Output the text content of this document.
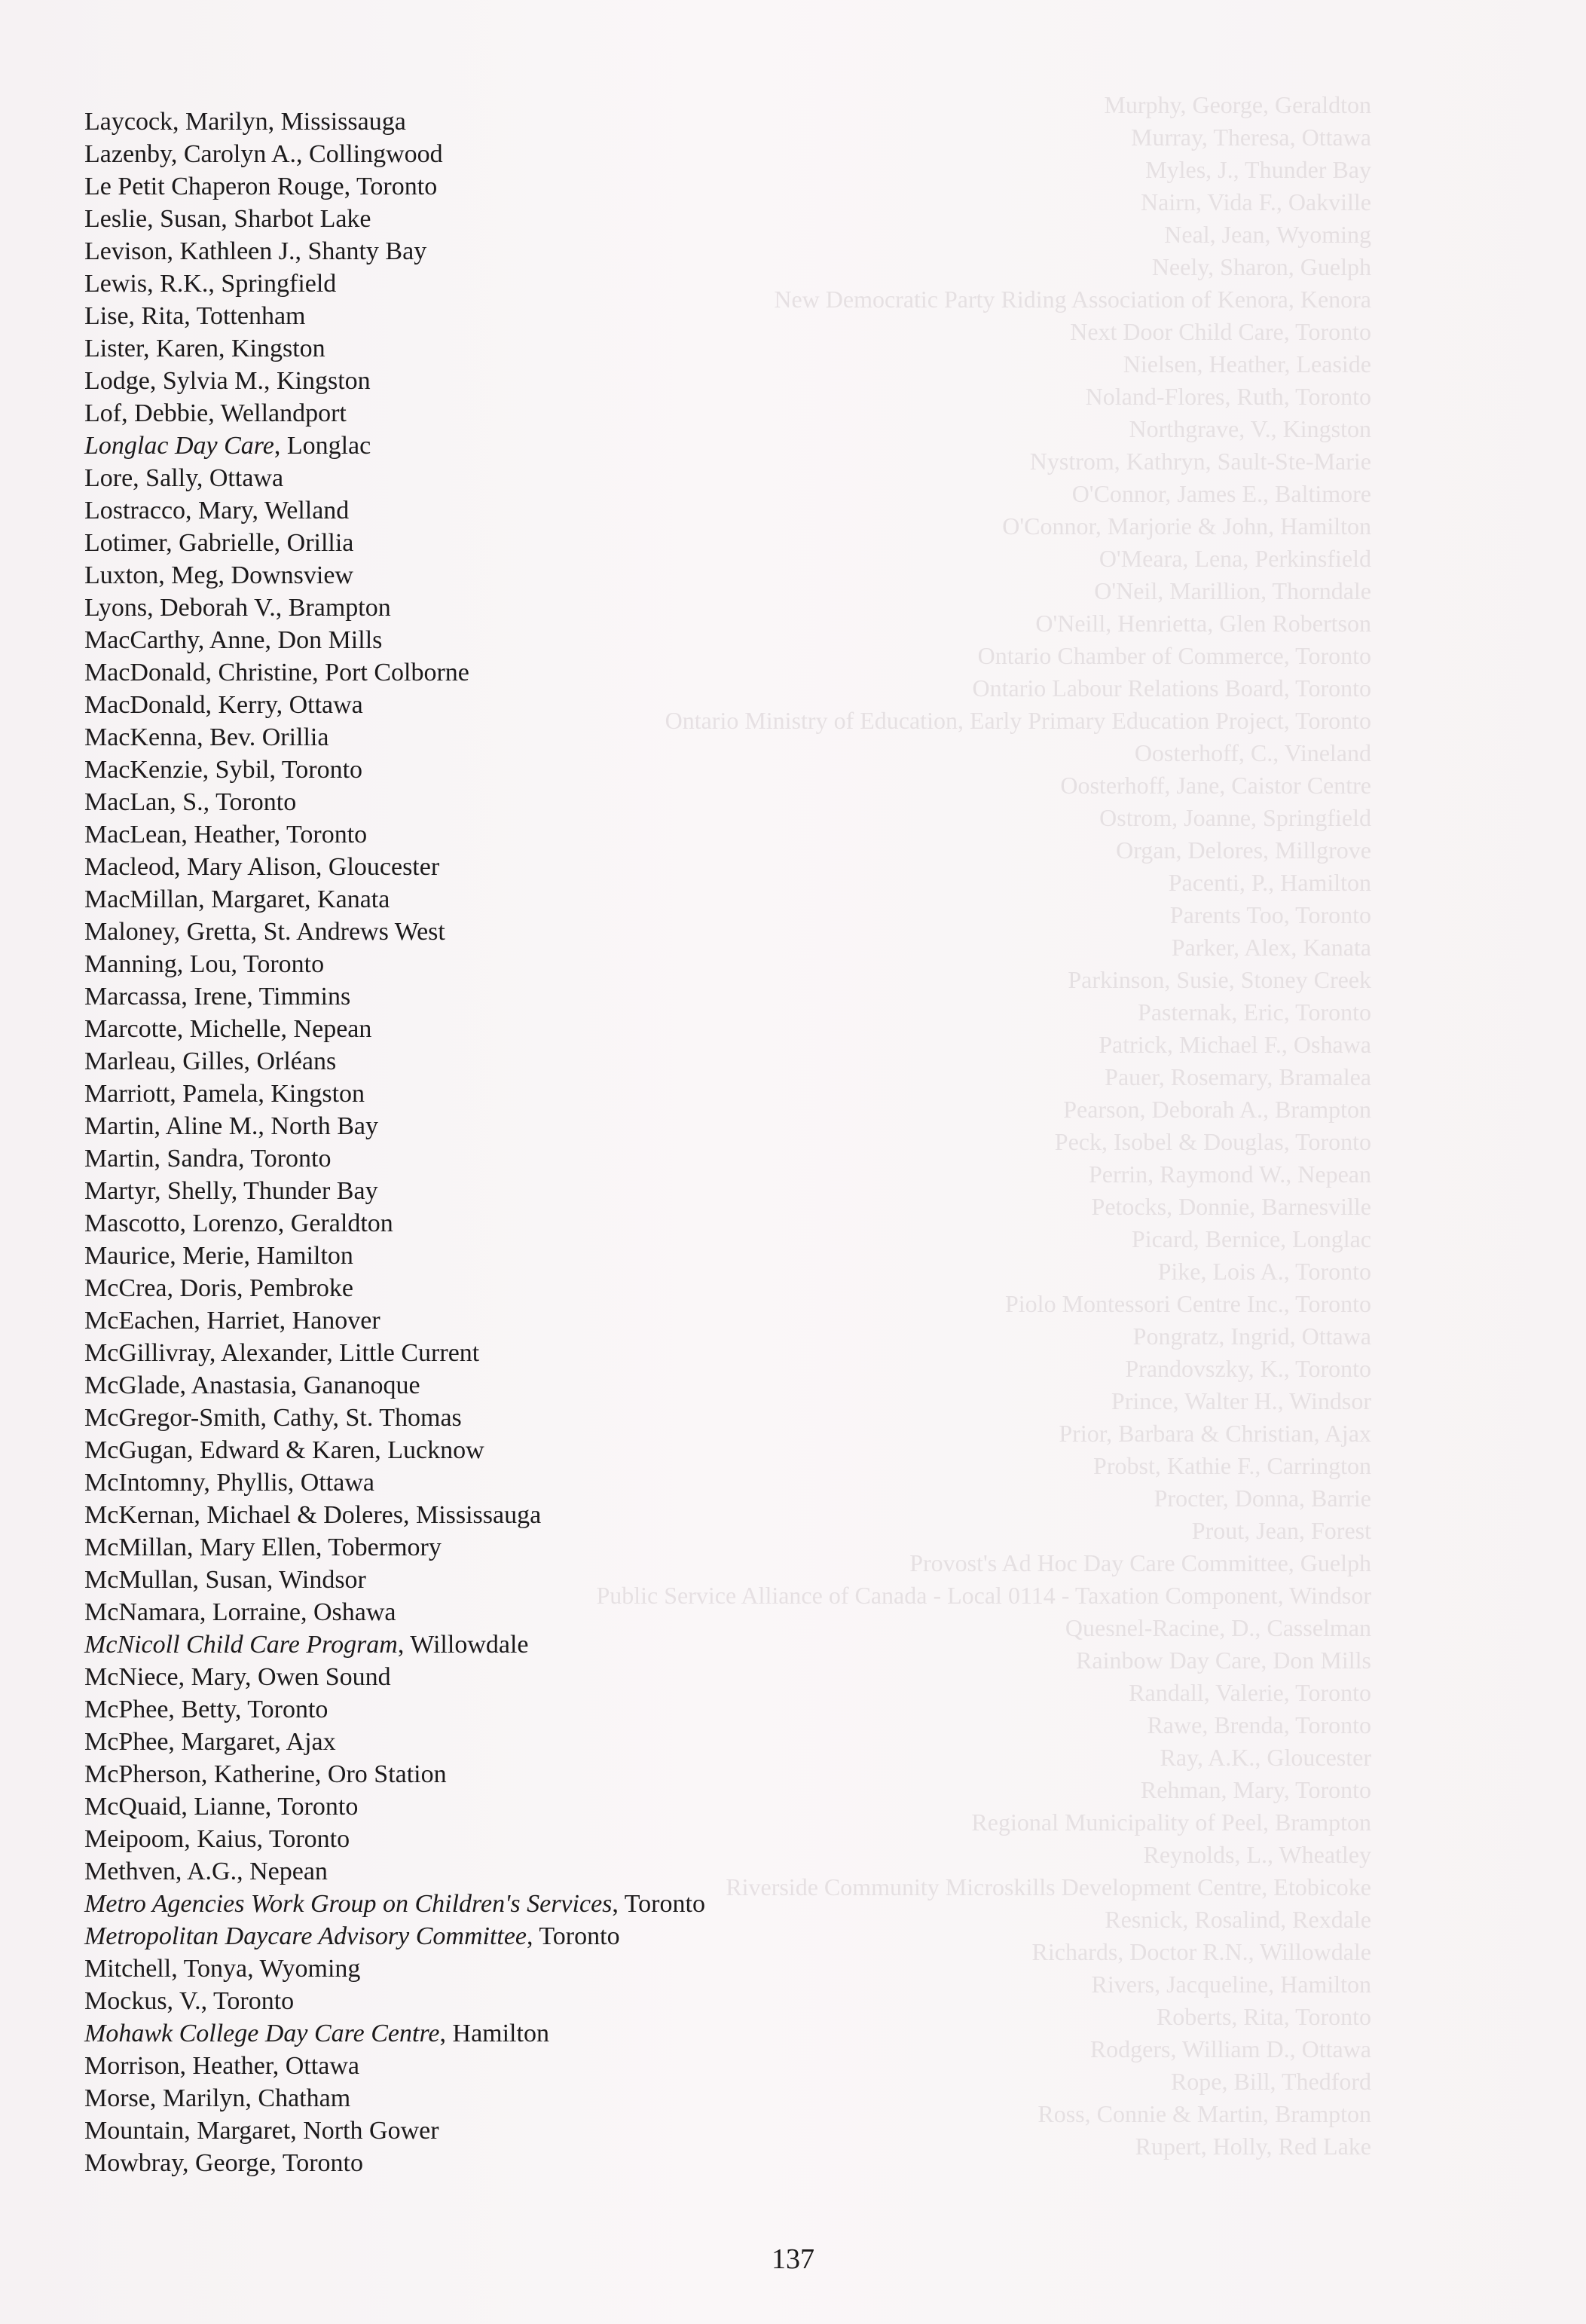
Murphy, George, Geraldton
Murray, Theresa, Ottawa
Myles, J., Thunder Bay
Nairn, Vida F., Oakville
Neal, Jean, Wyoming
Neely, Sharon, Guelph
New Democratic Party Riding Association of Kenora, Kenora
Next Door Child Care, Toronto
Nielsen, Heather, Leaside
Noland-Flores, Ruth, Toronto
Northgrave, V., Kingston
Nystrom, Kathryn, Sault-Ste-Marie
O'Connor, James E., Baltimore
O'Connor, Marjorie & John, Hamilton
O'Meara, Lena, Perkinsfield
O'Neil, Marillion, Thorndale
O'Neill, Henrietta, Glen Robertson
Ontario Chamber of Commerce, Toronto
Ontario Labour Relations Board, Toronto
Ontario Ministry of Education, Early Primary Education Project, Toronto
Oosterhoff, C., Vineland
Oosterhoff, Jane, Caistor Centre
Ostrom, Joanne, Springfield
Organ, Delores, Millgrove
Pacenti, P., Hamilton
Parents Too, Toronto
Parker, Alex, Kanata
Parkinson, Susie, Stoney Creek
Pasternak, Eric, Toronto
Patrick, Michael F., Oshawa
Pauer, Rosemary, Bramalea
Pearson, Deborah A., Brampton
Peck, Isobel & Douglas, Toronto
Perrin, Raymond W., Nepean
Petocks, Donnie, Barnesville
Picard, Bernice, Longlac
Pike, Lois A., Toronto
Piolo Montessori Centre Inc., Toronto
Pongratz, Ingrid, Ottawa
Prandovszky, K., Toronto
Prince, Walter H., Windsor
Prior, Barbara & Christian, Ajax
Probst, Kathie F., Carrington
Procter, Donna, Barrie
Prout, Jean, Forest
Provost's Ad Hoc Day Care Committee, Guelph
Public Service Alliance of Canada - Local 0114 - Taxation Component, Windsor
Quesnel-Racine, D., Casselman
Rainbow Day Care, Don Mills
Randall, Valerie, Toronto
Rawe, Brenda, Toronto
Ray, A.K., Gloucester
Rehman, Mary, Toronto
Regional Municipality of Peel, Brampton
Reynolds, L., Wheatley
Riverside Community Microskills Development Centre, Etobicoke
Resnick, Rosalind, Rexdale
Richards, Doctor R.N., Willowdale
Rivers, Jacqueline, Hamilton
Roberts, Rita, Toronto
Rodgers, William D., Ottawa
Rope, Bill, Thedford
Ross, Connie & Martin, Brampton
Rupert, Holly, Red Lake
Laycock, Marilyn, Mississauga
Lazenby, Carolyn A., Collingwood
Le Petit Chaperon Rouge, Toronto
Leslie, Susan, Sharbot Lake
Levison, Kathleen J., Shanty Bay
Lewis, R.K., Springfield
Lise, Rita, Tottenham
Lister, Karen, Kingston
Lodge, Sylvia M., Kingston
Lof, Debbie, Wellandport
Longlac Day Care, Longlac
Lore, Sally, Ottawa
Lostracco, Mary, Welland
Lotimer, Gabrielle, Orillia
Luxton, Meg, Downsview
Lyons, Deborah V., Brampton
MacCarthy, Anne, Don Mills
MacDonald, Christine, Port Colborne
MacDonald, Kerry, Ottawa
MacKenna, Bev. Orillia
MacKenzie, Sybil, Toronto
MacLan, S., Toronto
MacLean, Heather, Toronto
Macleod, Mary Alison, Gloucester
MacMillan, Margaret, Kanata
Maloney, Gretta, St. Andrews West
Manning, Lou, Toronto
Marcassa, Irene, Timmins
Marcotte, Michelle, Nepean
Marleau, Gilles, Orléans
Marriott, Pamela, Kingston
Martin, Aline M., North Bay
Martin, Sandra, Toronto
Martyr, Shelly, Thunder Bay
Mascotto, Lorenzo, Geraldton
Maurice, Merie, Hamilton
McCrea, Doris, Pembroke
McEachen, Harriet, Hanover
McGillivray, Alexander, Little Current
McGlade, Anastasia, Gananoque
McGregor-Smith, Cathy, St. Thomas
McGugan, Edward & Karen, Lucknow
McIntomny, Phyllis, Ottawa
McKernan, Michael & Doleres, Mississauga
McMillan, Mary Ellen, Tobermory
McMullan, Susan, Windsor
McNamara, Lorraine, Oshawa
McNicoll Child Care Program, Willowdale
McNiece, Mary, Owen Sound
McPhee, Betty, Toronto
McPhee, Margaret, Ajax
McPherson, Katherine, Oro Station
McQuaid, Lianne, Toronto
Meipoom, Kaius, Toronto
Methven, A.G., Nepean
Metro Agencies Work Group on Children's Services, Toronto
Metropolitan Daycare Advisory Committee, Toronto
Mitchell, Tonya, Wyoming
Mockus, V., Toronto
Mohawk College Day Care Centre, Hamilton
Morrison, Heather, Ottawa
Morse, Marilyn, Chatham
Mountain, Margaret, North Gower
Mowbray, George, Toronto
137
